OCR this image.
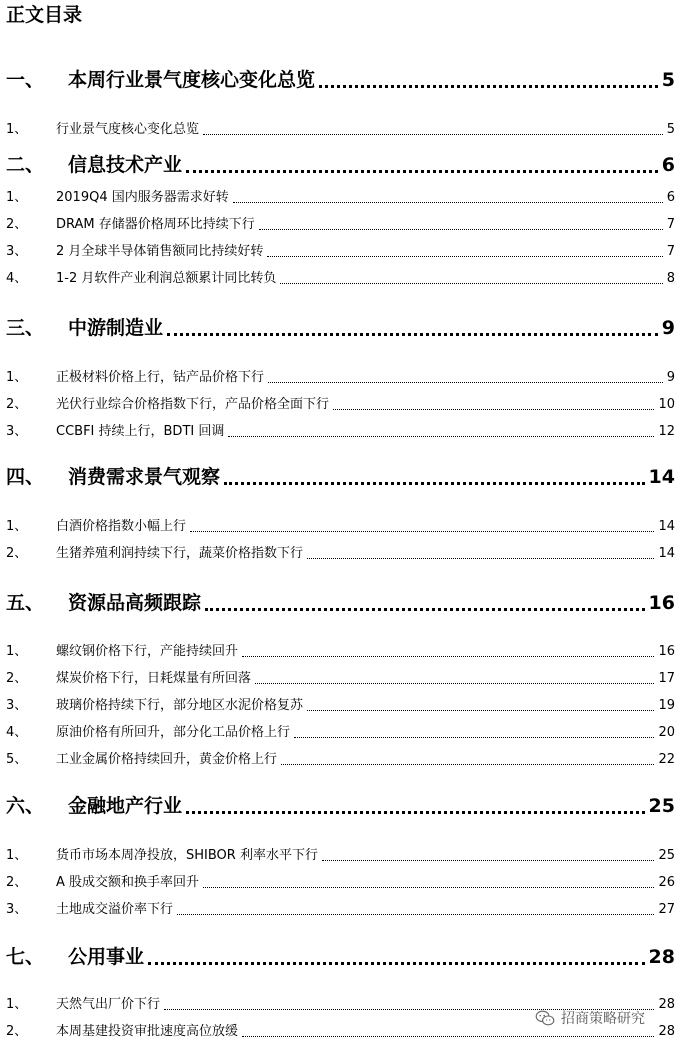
正文目录
一、	本周行业景气度核心变化总览	5
1、	行业景气度核心变化总览	5
二、	信息技术产业	6
1、	2019Q4 国内服务器需求好转	6
2、	DRAM 存储器价格周环比持续下行	7
3、	2 月全球半导体销售额同比持续好转	7
4、	1-2 月软件产业利润总额累计同比转负	8
三、	中游制造业	9
1、	正极材料价格上行，钴产品价格下行	9
2、	光伏行业综合价格指数下行，产品价格全面下行	10
3、	CCBFI 持续上行，BDTI 回调	12
四、	消费需求景气观察	14
1、	白酒价格指数小幅上行	14
2、	生猪养殖利润持续下行，蔬菜价格指数下行	14
五、	资源品高频跟踪	16
1、	螺纹钢价格下行，产能持续回升	16
2、	煤炭价格下行，日耗煤量有所回落	17
3、	玻璃价格持续下行，部分地区水泥价格复苏	19
4、	原油价格有所回升，部分化工品价格上行	20
5、	工业金属价格持续回升，黄金价格上行	22
六、	金融地产行业	25
1、	货币市场本周净投放，SHIBOR 利率水平下行	25
2、	A 股成交额和换手率回升	26
3、	土地成交溢价率下行	27
七、	公用事业	28
1、	天然气出厂价下行	28
2、	本周基建投资审批速度高位放缓	28
招商策略研究
